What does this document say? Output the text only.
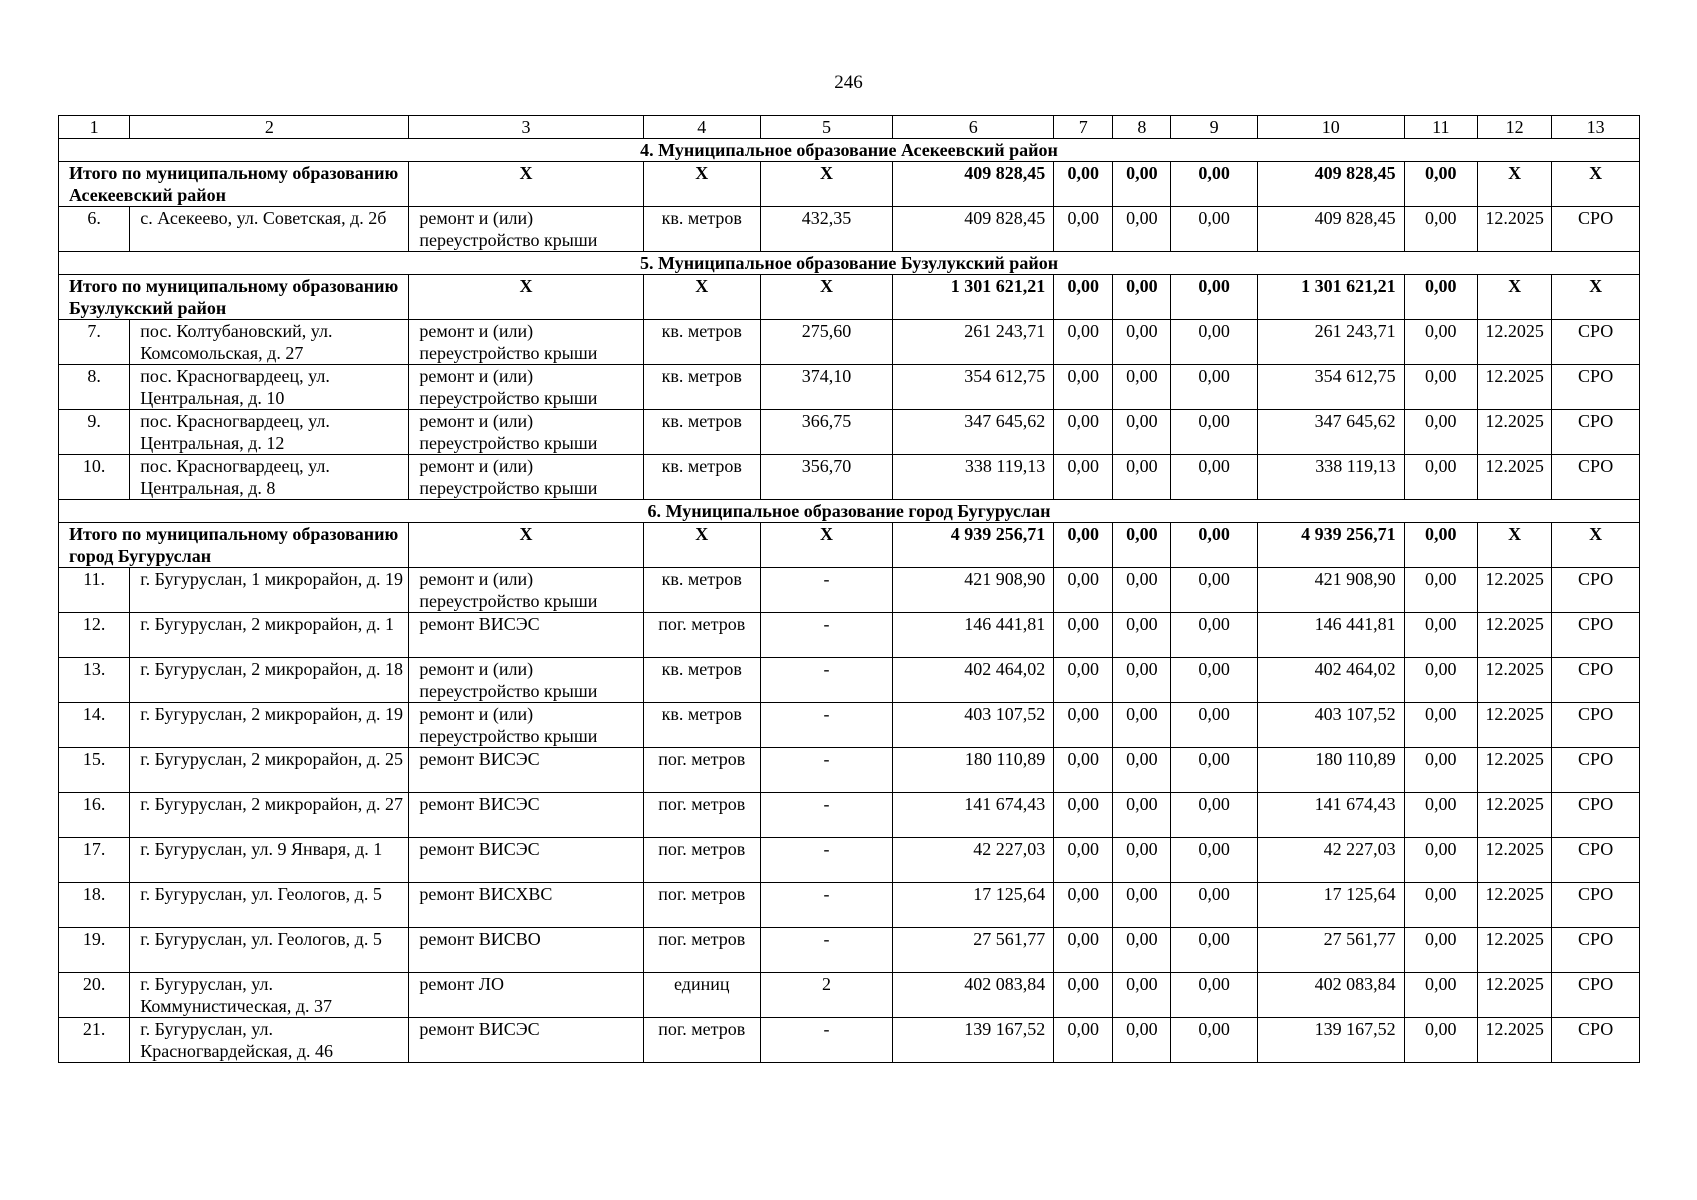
246
1	2	3	4	5	6	7	8	9	10	11	12	13
4. Муниципальное образование Асекеевский район												
Итого по муниципальному образованию Асекеевский район		X	X	X	409 828,45	0,00	0,00	0,00	409 828,45	0,00	X	X
6.	с. Асекеево, ул. Советская, д. 2б	ремонт и (или) переустройство крыши	кв. метров	432,35	409 828,45	0,00	0,00	0,00	409 828,45	0,00	12.2025	СРО
5. Муниципальное образование Бузулукский район												
Итого по муниципальному образованию Бузулукский район		X	X	X	1 301 621,21	0,00	0,00	0,00	1 301 621,21	0,00	X	X
7.	пос. Колтубановский, ул. Комсомольская, д. 27	ремонт и (или) переустройство крыши	кв. метров	275,60	261 243,71	0,00	0,00	0,00	261 243,71	0,00	12.2025	СРО
8.	пос. Красногвардеец, ул. Центральная, д. 10	ремонт и (или) переустройство крыши	кв. метров	374,10	354 612,75	0,00	0,00	0,00	354 612,75	0,00	12.2025	СРО
9.	пос. Красногвардеец, ул. Центральная, д. 12	ремонт и (или) переустройство крыши	кв. метров	366,75	347 645,62	0,00	0,00	0,00	347 645,62	0,00	12.2025	СРО
10.	пос. Красногвардеец, ул. Центральная, д. 8	ремонт и (или) переустройство крыши	кв. метров	356,70	338 119,13	0,00	0,00	0,00	338 119,13	0,00	12.2025	СРО
6. Муниципальное образование город Бугуруслан												
Итого по муниципальному образованию город Бугуруслан		X	X	X	4 939 256,71	0,00	0,00	0,00	4 939 256,71	0,00	X	X
11.	г. Бугуруслан, 1 микрорайон, д. 19	ремонт и (или) переустройство крыши	кв. метров	-	421 908,90	0,00	0,00	0,00	421 908,90	0,00	12.2025	СРО
12.	г. Бугуруслан, 2 микрорайон, д. 1	ремонт ВИСЭС	пог. метров	-	146 441,81	0,00	0,00	0,00	146 441,81	0,00	12.2025	СРО
13.	г. Бугуруслан, 2 микрорайон, д. 18	ремонт и (или) переустройство крыши	кв. метров	-	402 464,02	0,00	0,00	0,00	402 464,02	0,00	12.2025	СРО
14.	г. Бугуруслан, 2 микрорайон, д. 19	ремонт и (или) переустройство крыши	кв. метров	-	403 107,52	0,00	0,00	0,00	403 107,52	0,00	12.2025	СРО
15.	г. Бугуруслан, 2 микрорайон, д. 25	ремонт ВИСЭС	пог. метров	-	180 110,89	0,00	0,00	0,00	180 110,89	0,00	12.2025	СРО
16.	г. Бугуруслан, 2 микрорайон, д. 27	ремонт ВИСЭС	пог. метров	-	141 674,43	0,00	0,00	0,00	141 674,43	0,00	12.2025	СРО
17.	г. Бугуруслан, ул. 9 Января, д. 1	ремонт ВИСЭС	пог. метров	-	42 227,03	0,00	0,00	0,00	42 227,03	0,00	12.2025	СРО
18.	г. Бугуруслан, ул. Геологов, д. 5	ремонт ВИСХВС	пог. метров	-	17 125,64	0,00	0,00	0,00	17 125,64	0,00	12.2025	СРО
19.	г. Бугуруслан, ул. Геологов, д. 5	ремонт ВИСВО	пог. метров	-	27 561,77	0,00	0,00	0,00	27 561,77	0,00	12.2025	СРО
20.	г. Бугуруслан, ул. Коммунистическая, д. 37	ремонт ЛО	единиц	2	402 083,84	0,00	0,00	0,00	402 083,84	0,00	12.2025	СРО
21.	г. Бугуруслан, ул. Красногвардейская, д. 46	ремонт ВИСЭС	пог. метров	-	139 167,52	0,00	0,00	0,00	139 167,52	0,00	12.2025	СРО
